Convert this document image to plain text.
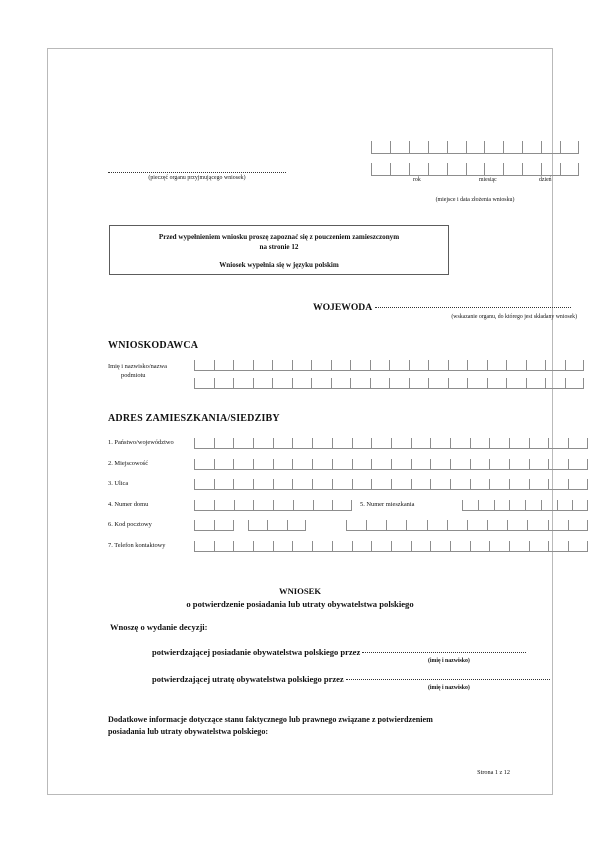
rok	miesiąc	dzień
(miejsce i data złożenia wniosku)
(pieczęć organu przyjmującego wniosek)
Przed wypełnieniem wniosku proszę zapoznać się z pouczeniem zamieszczonym
na stronie 12
Wniosek wypełnia się w języku polskim
WOJEWODA
(wskazanie organu, do którego jest składany wniosek)
WNIOSKODAWCA
Imię i nazwisko/nazwa
podmiotu
ADRES ZAMIESZKANIA/SIEDZIBY
1. Państwo/województwo
2. Miejscowość
3. Ulica
4. Numer domu	5. Numer mieszkania
6. Kod pocztowy
7. Telefon kontaktowy
WNIOSEK
o potwierdzenie posiadania lub utraty obywatelstwa polskiego
Wnoszę o wydanie decyzji:
potwierdzającej posiadanie obywatelstwa polskiego przez
(imię i nazwisko)
potwierdzającej utratę obywatelstwa polskiego przez
(imię i nazwisko)
Dodatkowe informacje dotyczące stanu faktycznego lub prawnego związane z potwierdzeniem
posiadania lub utraty obywatelstwa polskiego:
Strona 1 z 12
